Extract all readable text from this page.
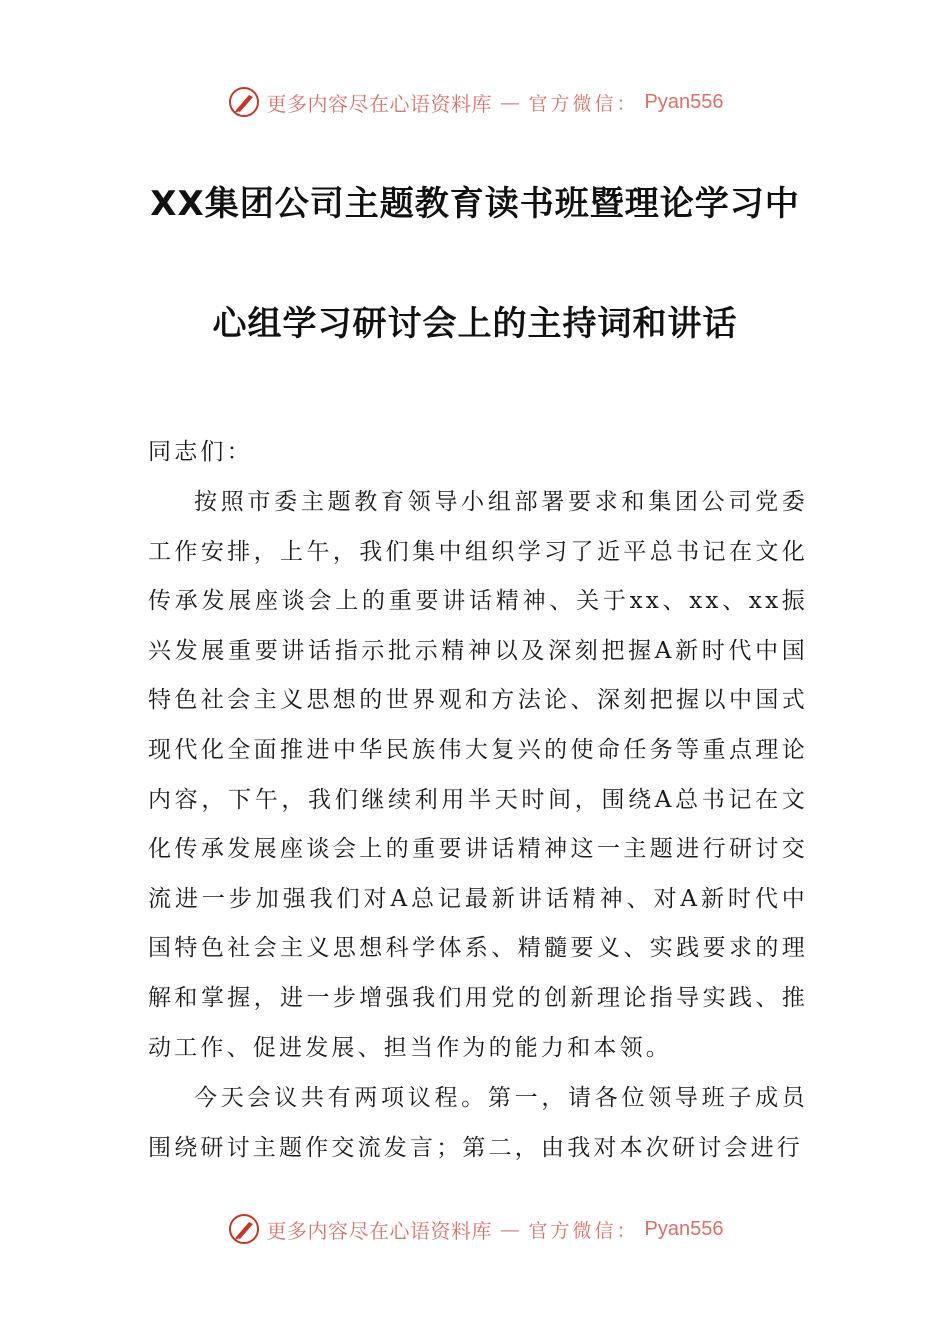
更多内容尽在心语资料库 — 官方微信： Pyan556
XX集团公司主题教育读书班暨理论学习中
心组学习研讨会上的主持词和讲话
同志们：

按照市委主题教育领导小组部署要求和集团公司党委工作安排，上午，我们集中组织学习了近平总书记在文化传承发展座谈会上的重要讲话精神、关于xx、xx、xx振兴发展重要讲话指示批示精神以及深刻把握A新时代中国特色社会主义思想的世界观和方法论、深刻把握以中国式现代化全面推进中华民族伟大复兴的使命任务等重点理论内容，下午，我们继续利用半天时间，围绕A总书记在文化传承发展座谈会上的重要讲话精神这一主题进行研讨交流进一步加强我们对A总记最新讲话精神、对A新时代中国特色社会主义思想科学体系、精髓要义、实践要求的理解和掌握，进一步增强我们用党的创新理论指导实践、推动工作、促进发展、担当作为的能力和本领。

今天会议共有两项议程。第一，请各位领导班子成员围绕研讨主题作交流发言；第二，由我对本次研讨会进行

更多内容尽在心语资料库 — 官方微信： Pyan556
